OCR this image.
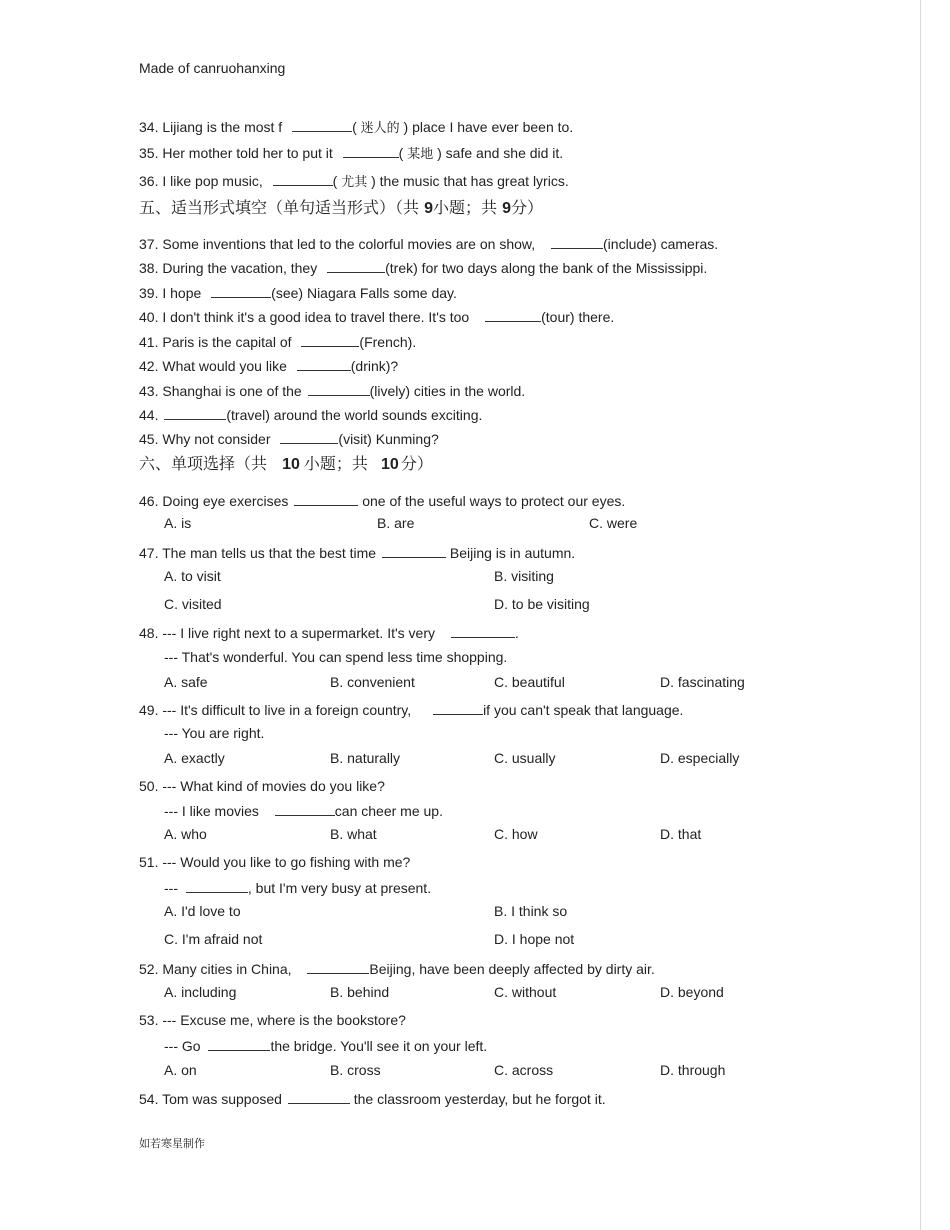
Made of canruohanxing
34. Lijiang is the most f	( 迷人的 ) place I have ever been to.
35. Her mother told her to put it	( 某地 ) safe and she did it.
36. I like pop music,	( 尤其 ) the music that has great lyrics.
五、适当形式填空（单句适当形式）（共 9小题；共 9分）
37. Some inventions that led to the colorful movies are on show,	(include) cameras.
38. During the vacation, they	(trek) for two days along the bank of the Mississippi.
39. I hope	(see) Niagara Falls some day.
40. I don't think it's a good idea to travel there. It's too	(tour) there.
41. Paris is the capital of	(French).
42. What would you like	(drink)?
43. Shanghai is one of the	(lively) cities in the world.
44.	(travel) around the world sounds exciting.
45. Why not consider	(visit) Kunming?
六、单项选择（共 10 小题；共 10 分）
46. Doing eye exercises	one of the useful ways to protect our eyes.
A. is	B. are	C. were
47. The man tells us that the best time	Beijing is in autumn.
A. to visit	B. visiting
C. visited	D. to be visiting
48. --- I live right next to a supermarket. It's very	.
--- That's wonderful. You can spend less time shopping.
A. safe	B. convenient	C. beautiful	D. fascinating
49. --- It's difficult to live in a foreign country,	if you can't speak that language.
--- You are right.
A. exactly	B. naturally	C. usually	D. especially
50. --- What kind of movies do you like?
--- I like movies	can cheer me up.
A. who	B. what	C. how	D. that
51. --- Would you like to go fishing with me?
---	, but I'm very busy at present.
A. I'd love to	B. I think so
C. I'm afraid not	D. I hope not
52. Many cities in China,	Beijing, have been deeply affected by dirty air.
A. including	B. behind	C. without	D. beyond
53. --- Excuse me, where is the bookstore?
--- Go	the bridge. You'll see it on your left.
A. on	B. cross	C. across	D. through
54. Tom was supposed	the classroom yesterday, but he forgot it.
如若寒星制作
